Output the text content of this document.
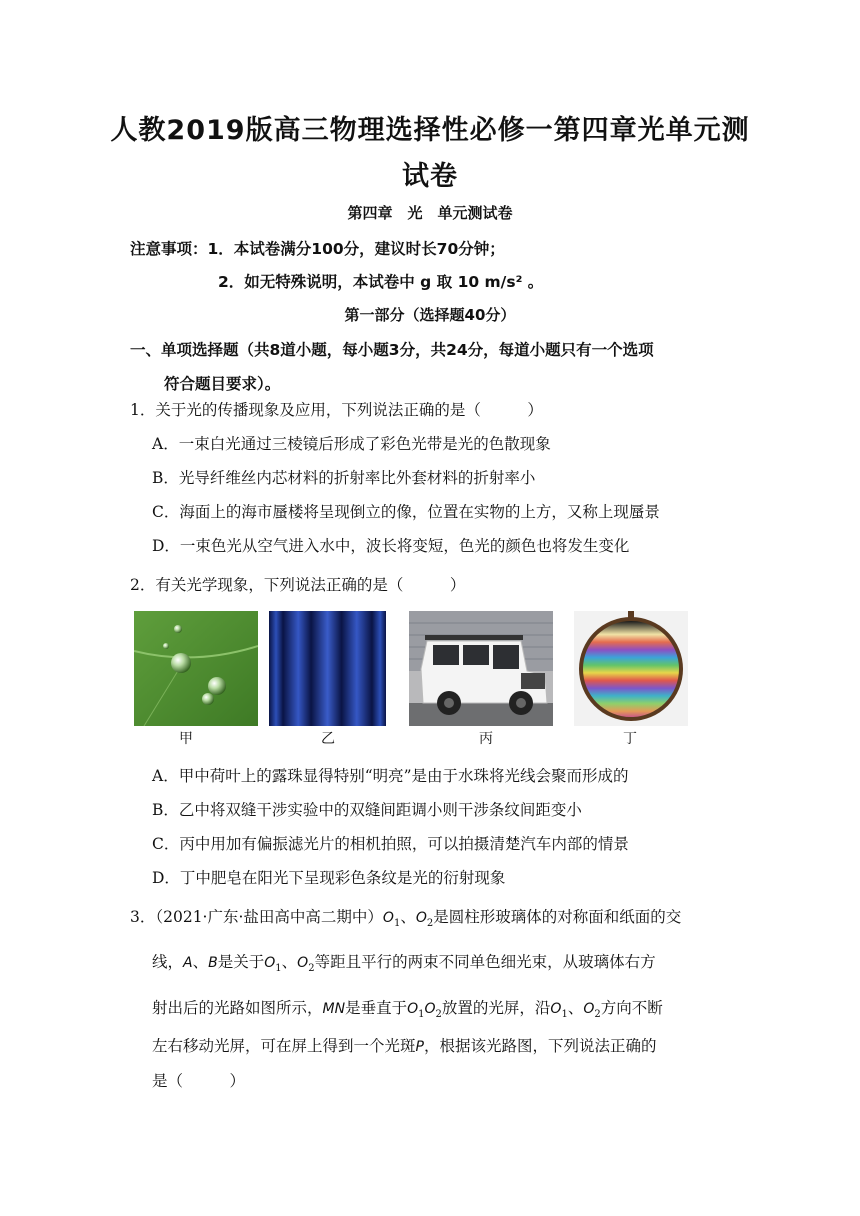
人教2019版高三物理选择性必修一第四章光单元测试卷
第四章　光　单元测试卷
注意事项：1．本试卷满分100分，建议时长70分钟；
2．如无特殊说明，本试卷中 g 取 10 m/s² 。
第一部分（选择题40分）
一、单项选择题（共8道小题，每小题3分，共24分，每道小题只有一个选项
符合题目要求）。
1．关于光的传播现象及应用，下列说法正确的是（　　　）
A．一束白光通过三棱镜后形成了彩色光带是光的色散现象
B．光导纤维丝内芯材料的折射率比外套材料的折射率小
C．海面上的海市蜃楼将呈现倒立的像，位置在实物的上方，又称上现蜃景
D．一束色光从空气进入水中，波长将变短，色光的颜色也将发生变化
2．有关光学现象，下列说法正确的是（　　　）
甲	乙	丙	丁
A．甲中荷叶上的露珠显得特别“明亮”是由于水珠将光线会聚而形成的
B．乙中将双缝干涉实验中的双缝间距调小则干涉条纹间距变小
C．丙中用加有偏振滤光片的相机拍照，可以拍摄清楚汽车内部的情景
D．丁中肥皂在阳光下呈现彩色条纹是光的衍射现象
3．（2021·广东·盐田高中高二期中）$O_1$、$O_2$是圆柱形玻璃体的对称面和纸面的交
线，A、B是关于$O_1$、$O_2$等距且平行的两束不同单色细光束，从玻璃体右方
射出后的光路如图所示，MN是垂直于$O_1O_2$放置的光屏，沿$O_1$、$O_2$方向不断
左右移动光屏，可在屏上得到一个光斑P，根据该光路图，下列说法正确的
是（　　　）
